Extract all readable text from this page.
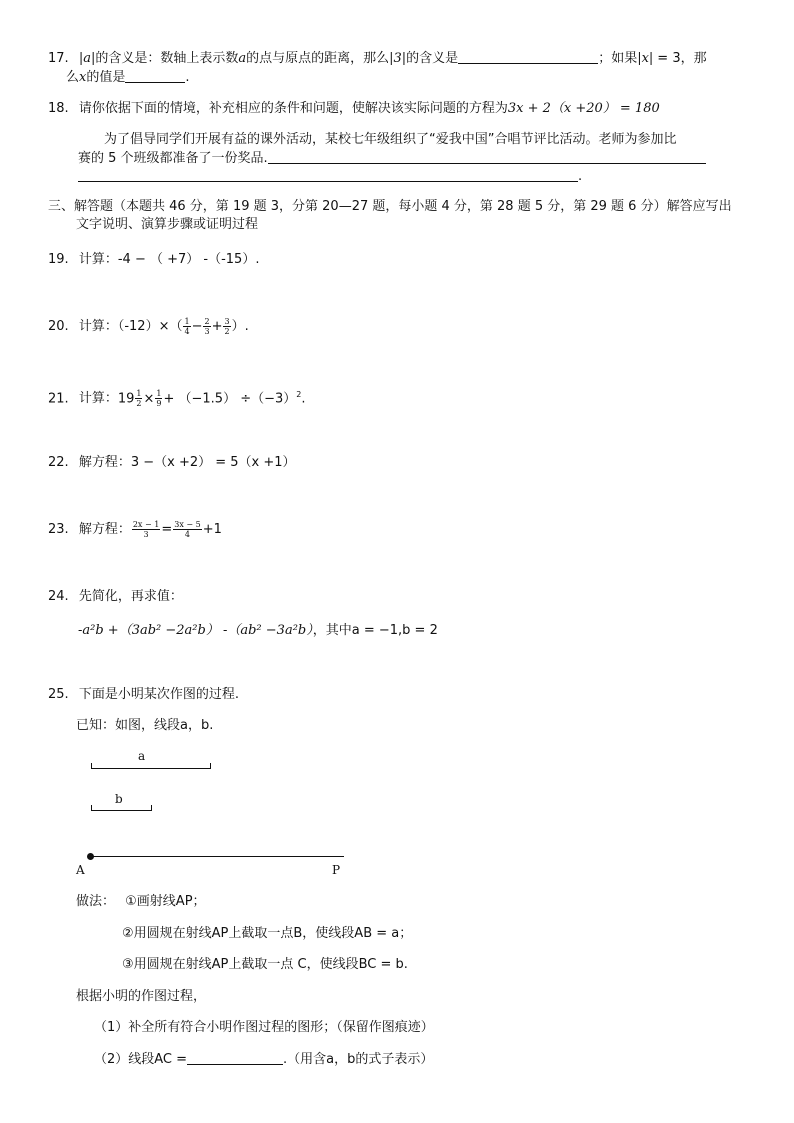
17. |a|的含义是：数轴上表示数a的点与原点的距离，那么|3|的含义是	；如果|x| = 3，那
么x的值是	.
18. 请你依据下面的情境，补充相应的条件和问题，使解决该实际问题的方程为3x + 2（x +20） = 180
为了倡导同学们开展有益的课外活动，某校七年级组织了“爱我中国”合唱节评比活动。老师为参加比
赛的 5 个班级都准备了一份奖品.
.
三、解答题（本题共 46 分，第 19 题 3，分第 20—27 题，每小题 4 分，第 28 题 5 分，第 29 题 6 分）解答应写出
文字说明、演算步骤或证明过程
19. 计算：-4 − （ +7） -（-15）.
20. 计算：$(-12)\times( \frac{1}{4} - \frac{2}{3} + \frac{3}{2}$ ）.
21. 计算：$19 \frac{1}{2} \times \frac{1}{9} + (-1.5) \div(-3)^2$.
22. 解方程：3 −（x +2） = 5（x +1）
23. 解方程： $\frac{2x - 1}{3} = \frac{3x - 5}{4} +1$
24. 先简化，再求值：
-a²b +（3ab² −2a²b） -（ab² −3a²b），其中a = −1,b = 2
25. 下面是小明某次作图的过程.
已知：如图，线段a，b.
a
b
A	P
做法： ①画射线AP；
②用圆规在射线AP上截取一点B，使线段AB = a；
③用圆规在射线AP上截取一点 C，使线段BC = b.
根据小明的作图过程，
（1）补全所有符合小明作图过程的图形；（保留作图痕迹）
（2）线段AC =	.（用含a，b的式子表示）
